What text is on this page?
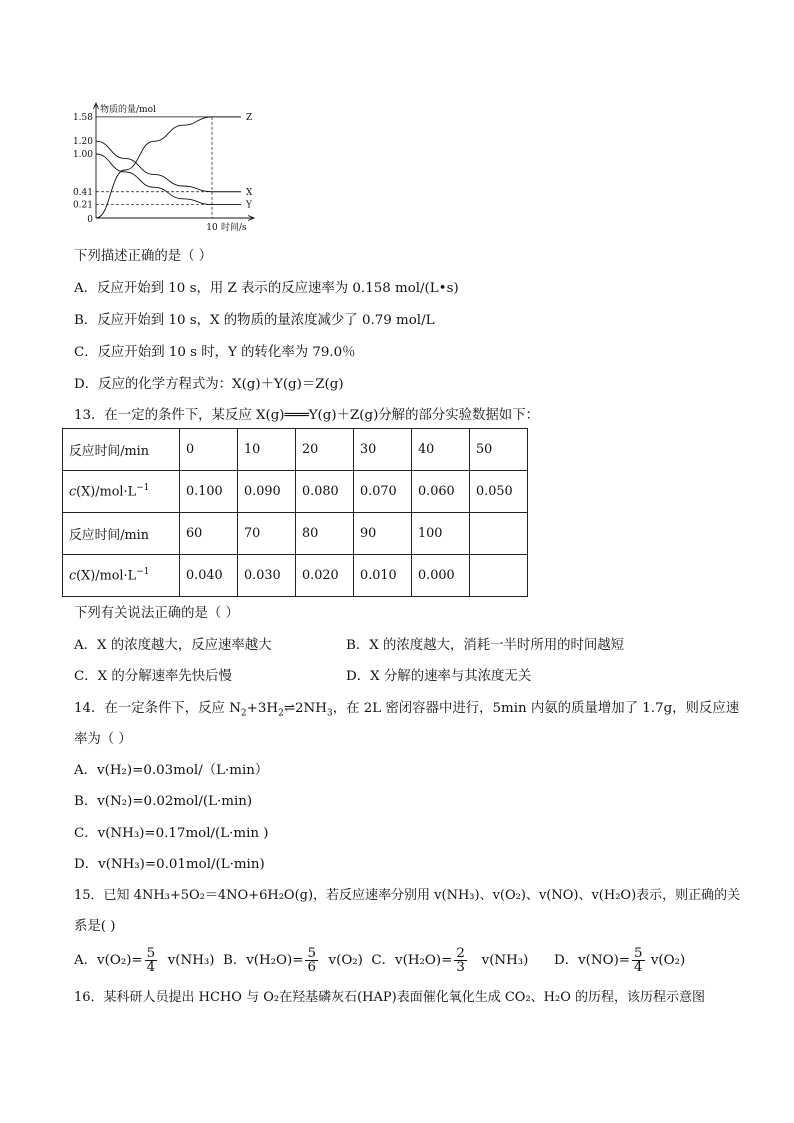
1.58
1.20
1.00
0.41
0.21
0
10
物质的量/mol
时间/s
Z
X
Y
下列描述正确的是（ ）
A．反应开始到 10 s，用 Z 表示的反应速率为 0.158 mol/(L•s)
B．反应开始到 10 s，X 的物质的量浓度减少了 0.79 mol/L
C．反应开始到 10 s 时，Y 的转化率为 79.0％
D．反应的化学方程式为：X(g)＋Y(g)＝Z(g)
13．在一定的条件下，某反应 X(g)═══Y(g)＋Z(g)分解的部分实验数据如下：
反应时间/min	0	10	20	30	40	50
$c(X)/mol\cdot L^{-1}$	0.100	0.090	0.080	0.070	0.060	0.050
反应时间/min	60	70	80	90	100	
$c(X)/mol\cdot L^{-1}$	0.040	0.030	0.020	0.010	0.000	
下列有关说法正确的是（ ）
A．X 的浓度越大，反应速率越大	B．X 的浓度越大，消耗一半时所用的时间越短
C．X 的分解速率先快后慢	D．X 分解的速率与其浓度无关
14．在一定条件下，反应 $N_2+3H_2\rightleftharpoons 2NH_3$，在 2L 密闭容器中进行，5min 内氨的质量增加了 1.7g，则反应速
率为（ ）
A．v(H₂)=0.03mol/（L·min）
B．v(N₂)=0.02mol/(L·min)
C．v(NH₃)=0.17mol/(L·min )
D．v(NH₃)=0.01mol/(L·min)
15．已知 4NH₃+5O₂＝4NO+6H₂O(g)，若反应速率分别用 v(NH₃)、v(O₂)、v(NO)、v(H₂O)表示，则正确的关
系是( )
A．$v(O_2)= \frac{5}{4} v(NH_3)$ B．$v(H_2O)= \frac{5}{6} v(O_2)$ C．$v(H_2O)= \frac{2}{3} v(NH_3)$ D．$v(NO)= \frac{5}{4} v(O_2)$
16．某科研人员提出 HCHO 与 O₂在羟基磷灰石(HAP)表面催化氧化生成 CO₂、H₂O 的历程，该历程示意图
